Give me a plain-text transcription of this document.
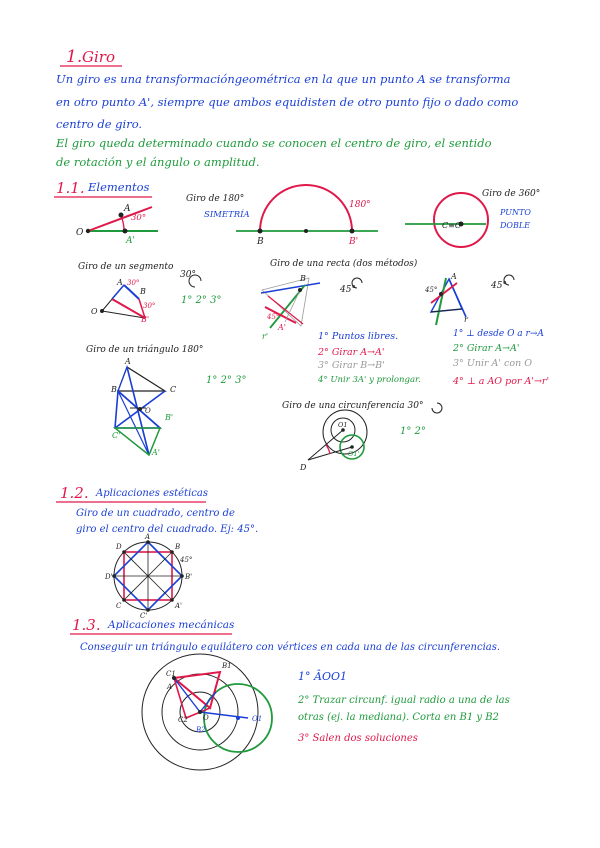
1. Giro
Un giro es una transformacióngeométrica en la que un punto A se transforma
en otro punto A', siempre que ambos equidisten de otro punto fijo o dado como
centro de giro.
El giro queda determinado cuando se conocen el centro de giro, el sentido
de rotación y el ángulo o amplitud.
1.1. Elementos
A
A'
O
30°
Giro de 180°
SIMETRÍA
B	B'
180°
C≡C'
Giro de 360°
PUNTO
DOBLE
Giro de un segmento
30°
A
B
O
B'
30°
30°	1° 2° 3°
Giro de una recta (dos métodos)
45°
B
A'
r'
45°	45°
A
r
45°
1° Puntos libres.
2° Girar A→A'
3° Girar B→B'
4° Unir 3A' y prolongar.
1° ⊥ desde O a r→A
2° Girar A→A'
3° Unir A' con O
4° ⊥ a AO por A'→r'
Giro de un triángulo 180°
A
B	C
O
B'
C'
A'
1° 2° 3°
Giro de una circunferencia 30°
O1
O1'
D
1° 2°
1.2. Aplicaciones estéticas
Giro de un cuadrado, centro de
giro el centro del cuadrado. Ej: 45°.
D
A
B
D'	B'
C	A'
C'
45°
1.3. Aplicaciones mecánicas
Conseguir un triángulo equilátero con vértices en cada una de las circunferencias.
C1
A
B1
O	O1
B2
C2
1° ÂOO1
2° Trazar circunf. igual radio a una de las
otras (ej. la mediana). Corta en B1 y B2
3° Salen dos soluciones
